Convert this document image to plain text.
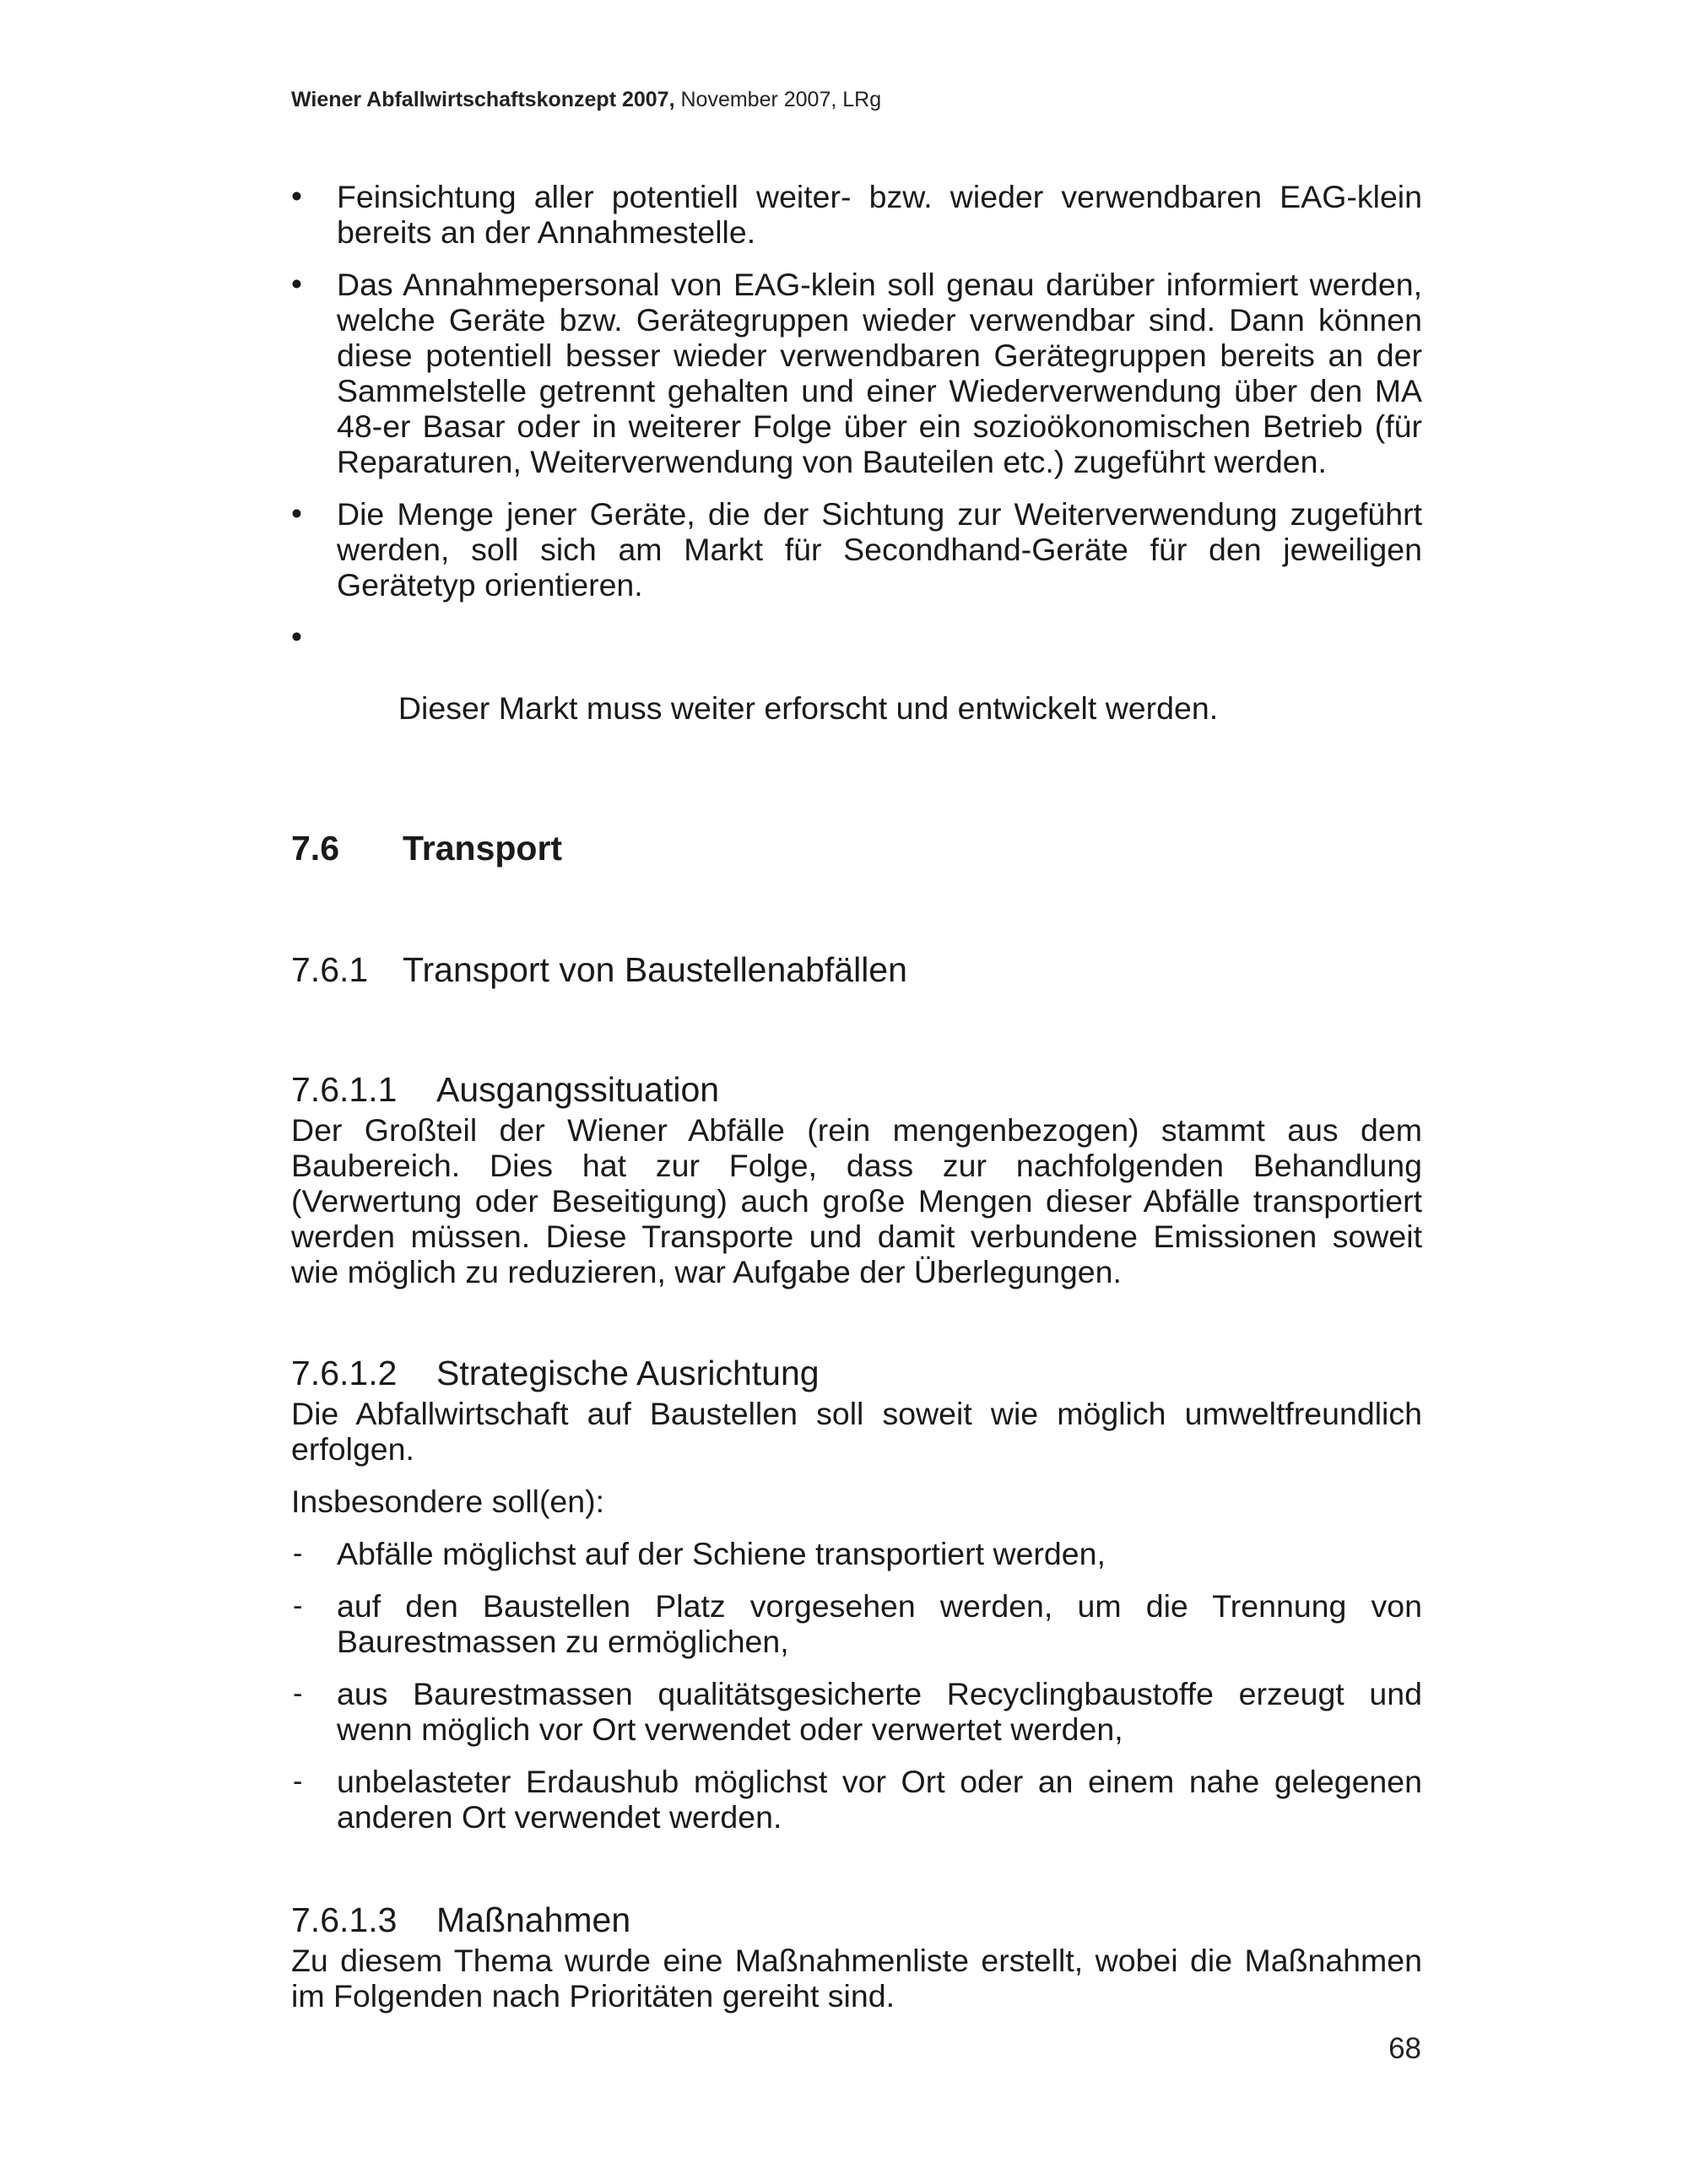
Wiener Abfallwirtschaftskonzept 2007, November 2007, LRg
• Feinsichtung aller potentiell weiter- bzw. wieder verwendbaren EAG-klein bereits an der Annahmestelle.
• Das Annahmepersonal von EAG-klein soll genau darüber informiert werden, welche Geräte bzw. Gerätegruppen wieder verwendbar sind. Dann können diese potentiell besser wieder verwendbaren Gerätegruppen bereits an der Sammelstelle getrennt gehalten und einer Wiederverwendung über den MA 48-er Basar oder in weiterer Folge über ein sozioökonomischen Betrieb (für Reparaturen, Weiterverwendung von Bauteilen etc.) zugeführt werden.
• Die Menge jener Geräte, die der Sichtung zur Weiterverwendung zugeführt werden, soll sich am Markt für Secondhand-Geräte für den jeweiligen Gerätetyp orientieren.

•

Dieser Markt muss weiter erforscht und entwickelt werden.

7.6	Transport
7.6.1 Transport von Baustellenabfällen
7.6.1.1	Ausgangssituation

Der Großteil der Wiener Abfälle (rein mengenbezogen) stammt aus dem Baubereich. Dies hat zur Folge, dass zur nachfolgenden Behandlung (Verwertung oder Beseitigung) auch große Mengen dieser Abfälle transportiert werden müssen. Diese Transporte und damit verbundene Emissionen soweit wie möglich zu reduzieren, war Aufgabe der Überlegungen.

7.6.1.2	Strategische Ausrichtung

Die Abfallwirtschaft auf Baustellen soll soweit wie möglich umweltfreundlich erfolgen.

Insbesondere soll(en):

- Abfälle möglichst auf der Schiene transportiert werden,
- auf den Baustellen Platz vorgesehen werden, um die Trennung von Baurestmassen zu ermöglichen,
- aus Baurestmassen qualitätsgesicherte Recyclingbaustoffe erzeugt und wenn möglich vor Ort verwendet oder verwertet werden,
- unbelasteter Erdaushub möglichst vor Ort oder an einem nahe gelegenen anderen Ort verwendet werden.
7.6.1.3	Maßnahmen

Zu diesem Thema wurde eine Maßnahmenliste erstellt, wobei die Maßnahmen im Folgenden nach Prioritäten gereiht sind.

68
